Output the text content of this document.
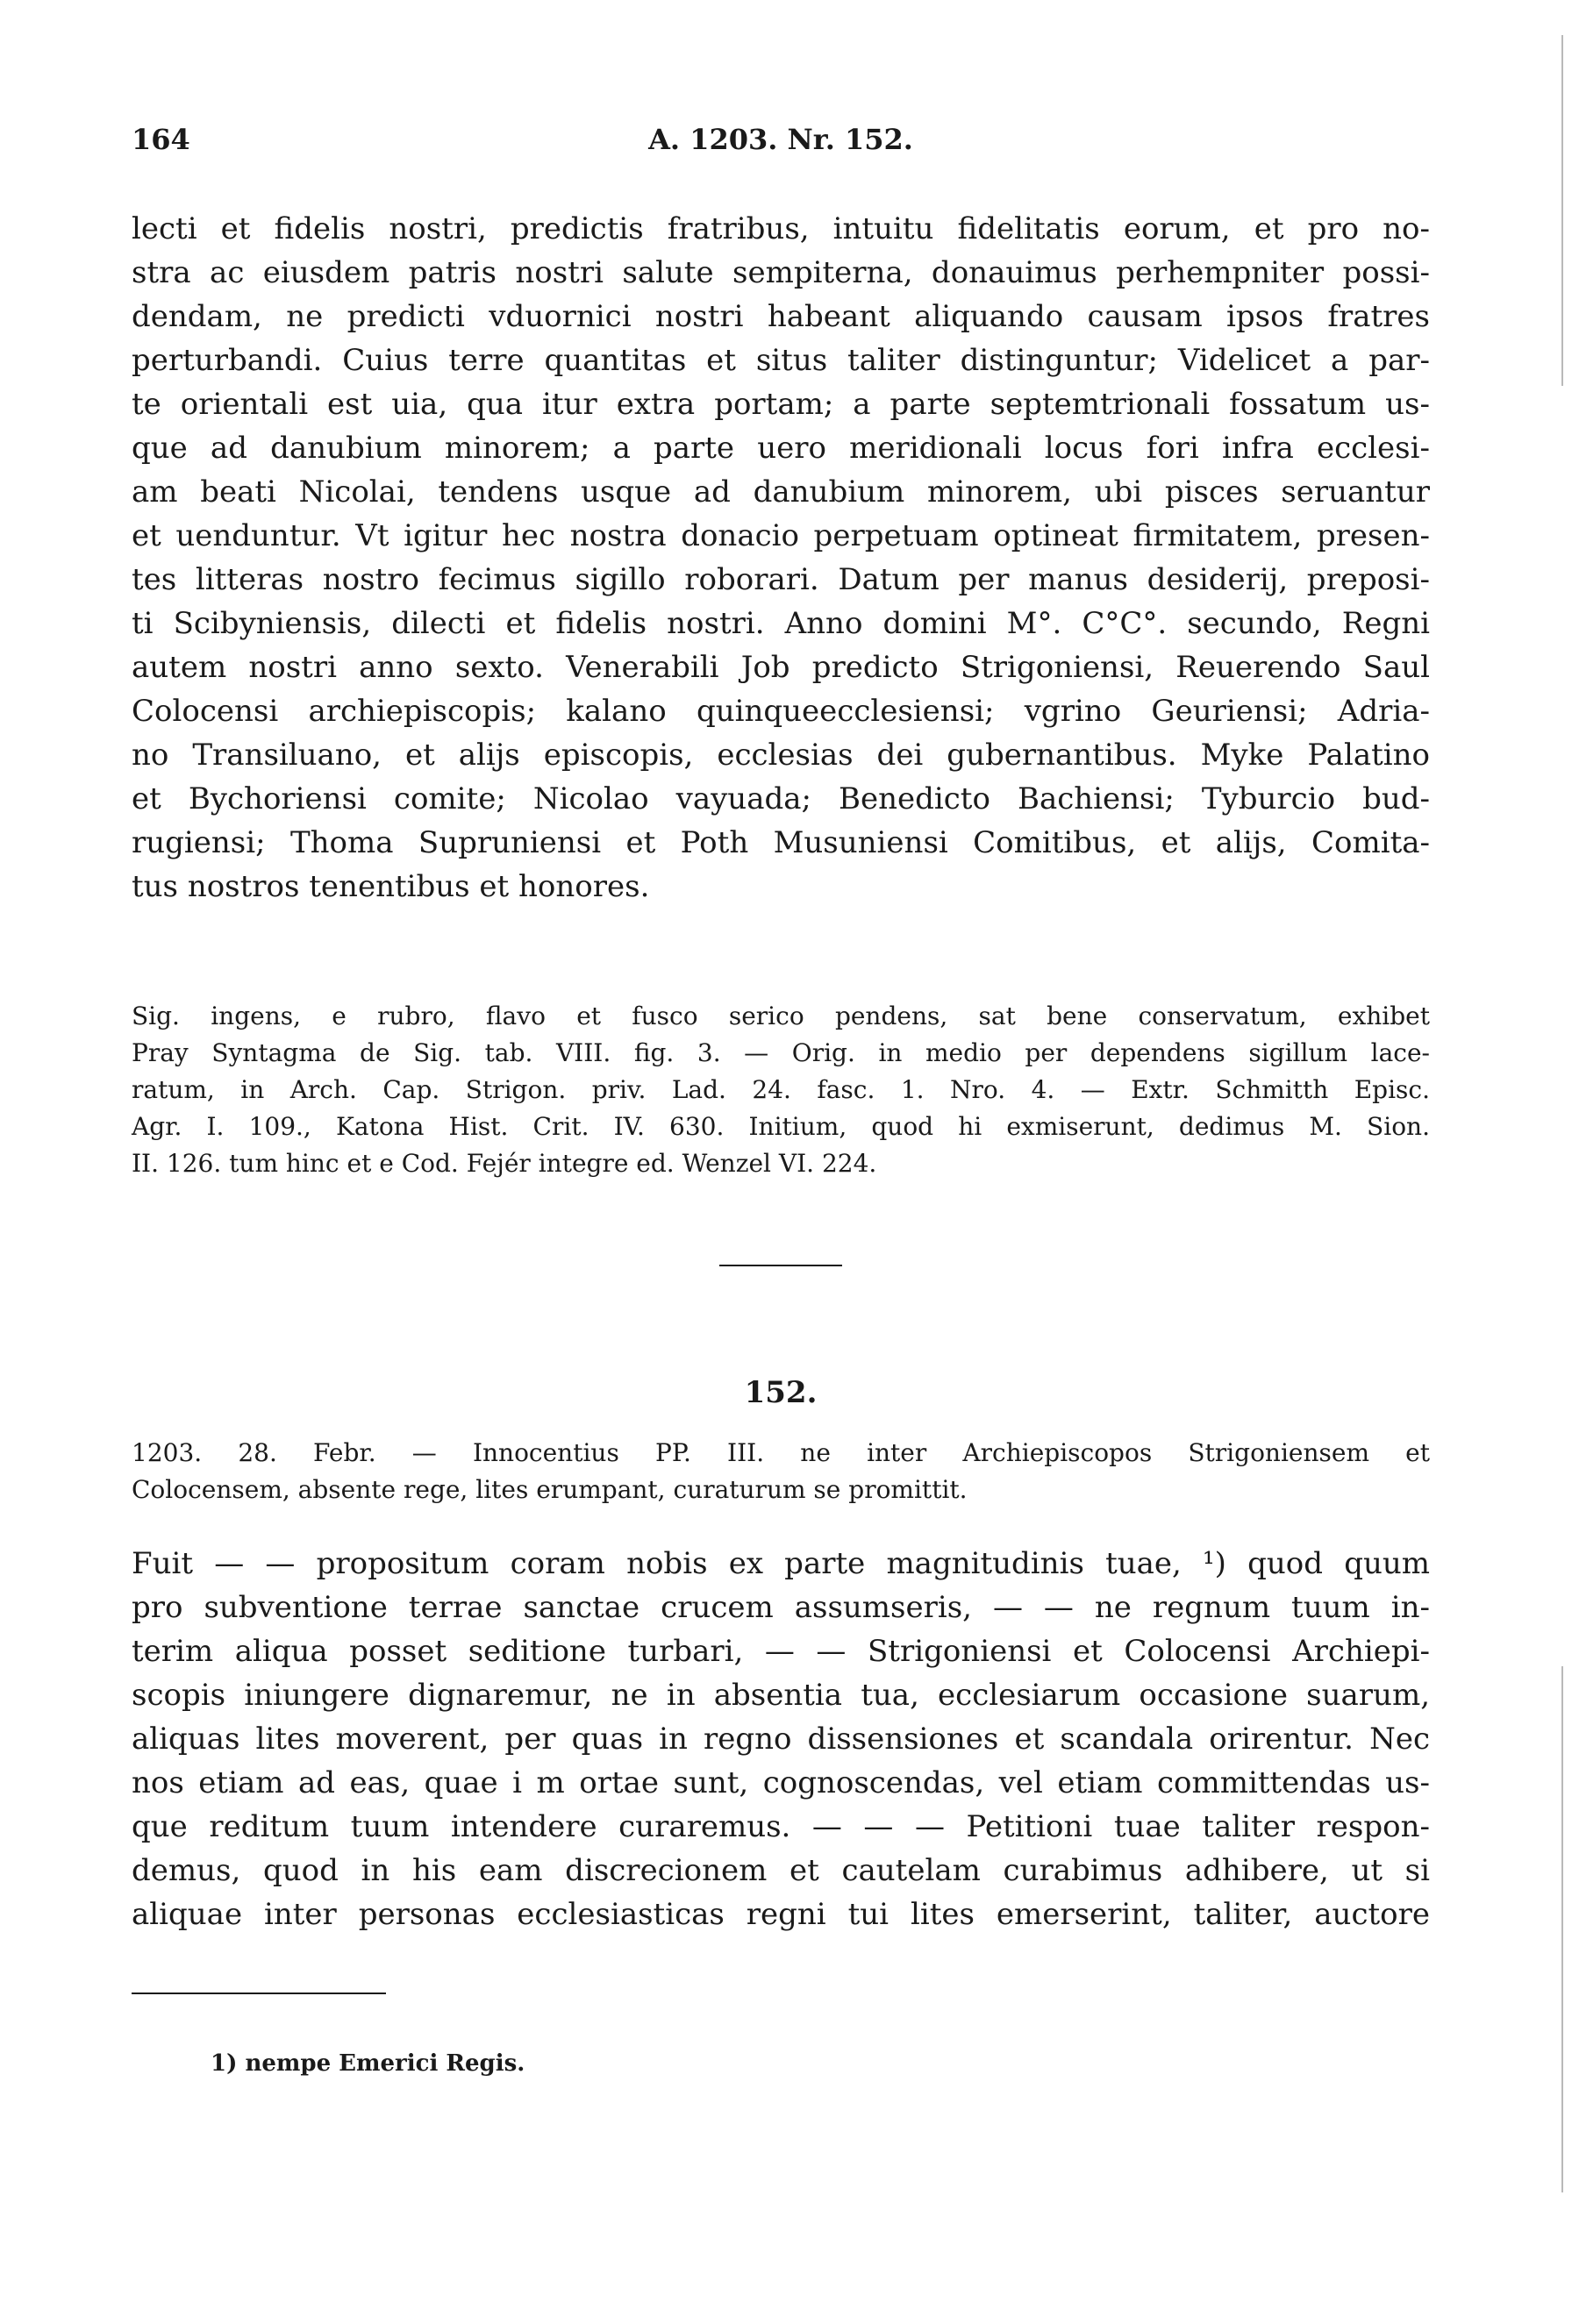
164	A. 1203. Nr. 152.
lecti et fidelis nostri, predictis fratribus, intuitu fidelitatis eorum, et pro no-
stra ac eiusdem patris nostri salute sempiterna, donauimus perhempniter possi-
dendam, ne predicti vduornici nostri habeant aliquando causam ipsos fratres
perturbandi. Cuius terre quantitas et situs taliter distinguntur; Videlicet a par-
te orientali est uia, qua itur extra portam; a parte septemtrionali fossatum us-
que ad danubium minorem; a parte uero meridionali locus fori infra ecclesi-
am beati Nicolai, tendens usque ad danubium minorem, ubi pisces seruantur
et uenduntur. Vt igitur hec nostra donacio perpetuam optineat firmitatem, presen-
tes litteras nostro fecimus sigillo roborari. Datum per manus desiderij, preposi-
ti Scibyniensis, dilecti et fidelis nostri. Anno domini M°. C°C°. secundo, Regni
autem nostri anno sexto. Venerabili Job predicto Strigoniensi, Reuerendo Saul
Colocensi archiepiscopis; kalano quinqueecclesiensi; vgrino Geuriensi; Adria-
no Transiluano, et alijs episcopis, ecclesias dei gubernantibus. Myke Palatino
et Bychoriensi comite; Nicolao vayuada; Benedicto Bachiensi; Tyburcio bud-
rugiensi; Thoma Supruniensi et Poth Musuniensi Comitibus, et alijs, Comita-
tus nostros tenentibus et honores.
Sig. ingens, e rubro, flavo et fusco serico pendens, sat bene conservatum, exhibet
Pray Syntagma de Sig. tab. VIII. fig. 3. — Orig. in medio per dependens sigillum lace-
ratum, in Arch. Cap. Strigon. priv. Lad. 24. fasc. 1. Nro. 4. — Extr. Schmitth Episc.
Agr. I. 109., Katona Hist. Crit. IV. 630. Initium, quod hi exmiserunt, dedimus M. Sion.
II. 126. tum hinc et e Cod. Fejér integre ed. Wenzel VI. 224.
152.
1203. 28. Febr. — Innocentius PP. III. ne inter Archiepiscopos Strigoniensem et
Colocensem, absente rege, lites erumpant, curaturum se promittit.
Fuit — — propositum coram nobis ex parte magnitudinis tuae, ¹) quod quum
pro subventione terrae sanctae crucem assumseris, — — ne regnum tuum in-
terim aliqua posset seditione turbari, — — Strigoniensi et Colocensi Archiepi-
scopis iniungere dignaremur, ne in absentia tua, ecclesiarum occasione suarum,
aliquas lites moverent, per quas in regno dissensiones et scandala orirentur. Nec
nos etiam ad eas, quae i m ortae sunt, cognoscendas, vel etiam committendas us-
que reditum tuum intendere curaremus. — — — Petitioni tuae taliter respon-
demus, quod in his eam discrecionem et cautelam curabimus adhibere, ut si
aliquae inter personas ecclesiasticas regni tui lites emerserint, taliter, auctore
1) nempe Emerici Regis.
